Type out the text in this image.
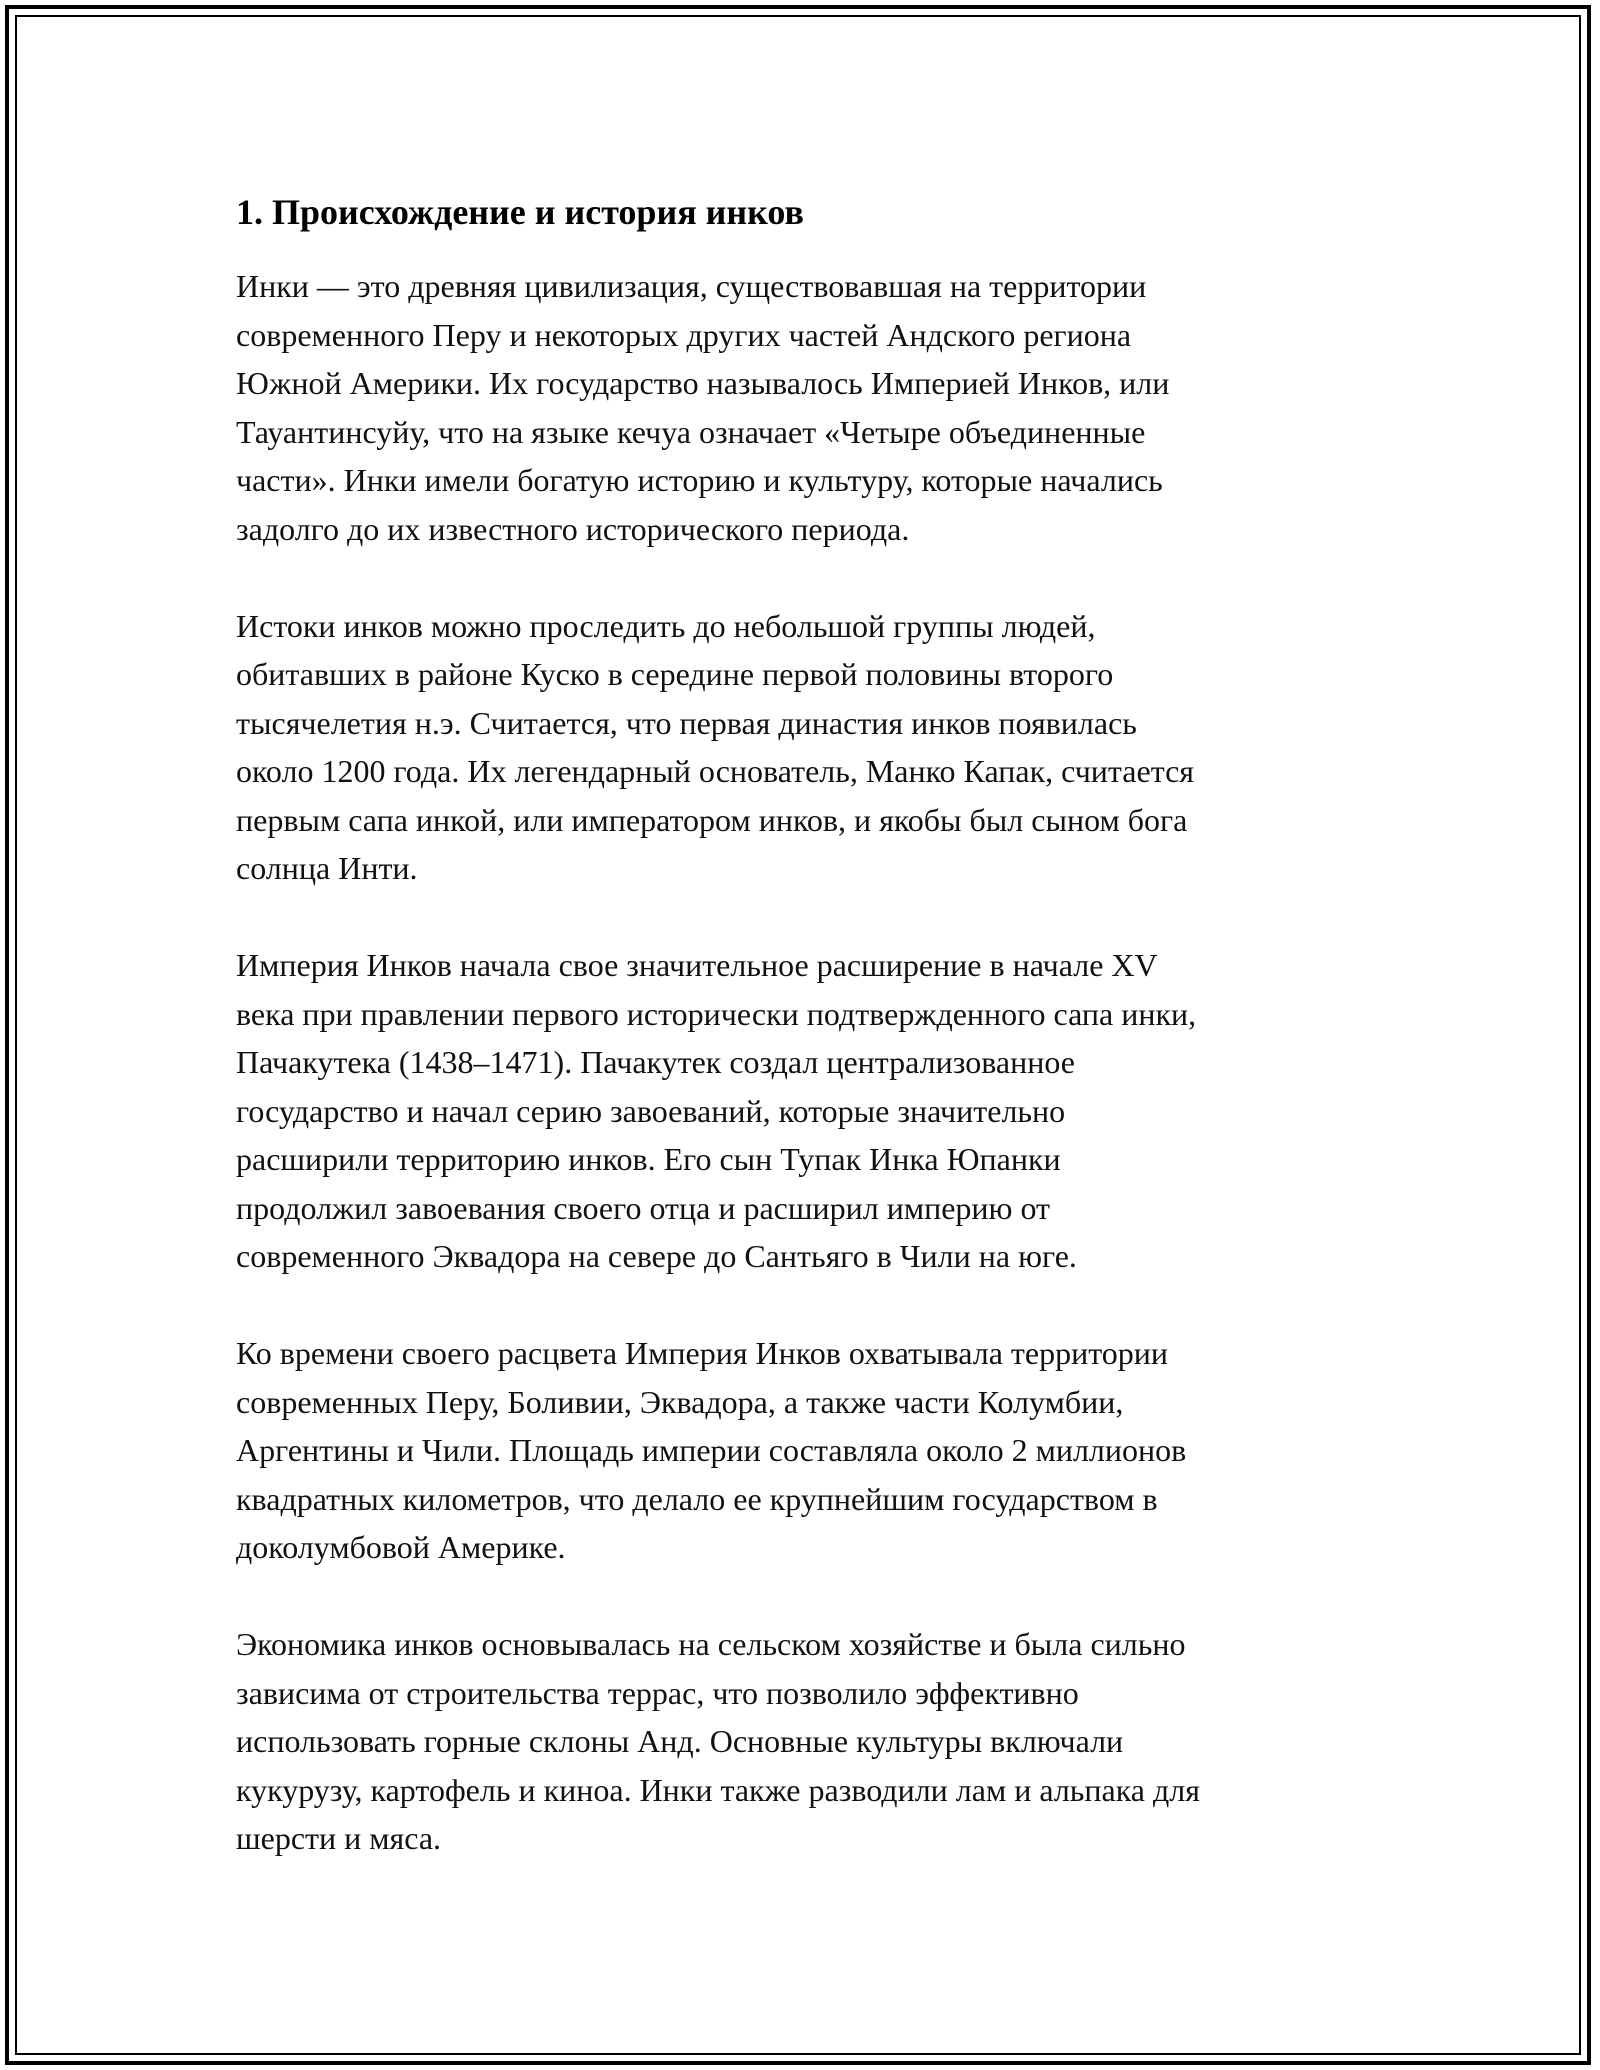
1. Происхождение и история инков

Инки — это древняя цивилизация, существовавшая на территории
современного Перу и некоторых других частей Андского региона
Южной Америки. Их государство называлось Империей Инков, или
Тауантинсуйу, что на языке кечуа означает «Четыре объединенные
части». Инки имели богатую историю и культуру, которые начались
задолго до их известного исторического периода.

Истоки инков можно проследить до небольшой группы людей,
обитавших в районе Куско в середине первой половины второго
тысячелетия н.э. Считается, что первая династия инков появилась
около 1200 года. Их легендарный основатель, Манко Капак, считается
первым сапа инкой, или императором инков, и якобы был сыном бога
солнца Инти.

Империя Инков начала свое значительное расширение в начале XV
века при правлении первого исторически подтвержденного сапа инки,
Пачакутека (1438–1471). Пачакутек создал централизованное
государство и начал серию завоеваний, которые значительно
расширили территорию инков. Его сын Тупак Инка Юпанки
продолжил завоевания своего отца и расширил империю от
современного Эквадора на севере до Сантьяго в Чили на юге.

Ко времени своего расцвета Империя Инков охватывала территории
современных Перу, Боливии, Эквадора, а также части Колумбии,
Аргентины и Чили. Площадь империи составляла около 2 миллионов
квадратных километров, что делало ее крупнейшим государством в
доколумбовой Америке.

Экономика инков основывалась на сельском хозяйстве и была сильно
зависима от строительства террас, что позволило эффективно
использовать горные склоны Анд. Основные культуры включали
кукурузу, картофель и киноа. Инки также разводили лам и альпака для
шерсти и мяса.
